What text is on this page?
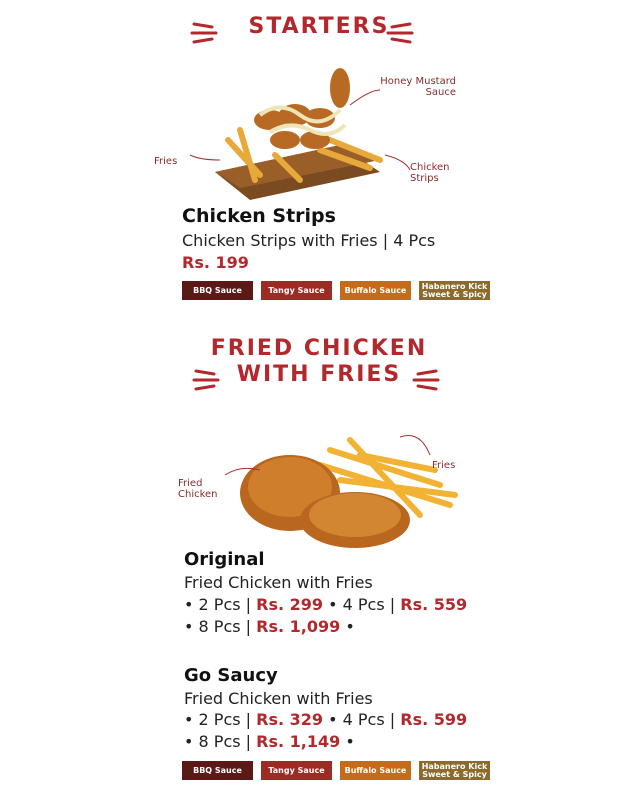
STARTERS
Honey Mustard Sauce
Fries
Chicken Strips
Chicken Strips
Chicken Strips with Fries | 4 Pcs
Rs. 199
BBQ Sauce	Tangy Sauce	Buffalo Sauce	Habanero Kick Sweet & Spicy
FRIED CHICKEN
WITH FRIES
Fried Chicken
Fries
Original
Fried Chicken with Fries
• 2 Pcs | Rs. 299 • 4 Pcs | Rs. 559
• 8 Pcs | Rs. 1,099 •
Go Saucy
Fried Chicken with Fries
• 2 Pcs | Rs. 329 • 4 Pcs | Rs. 599
• 8 Pcs | Rs. 1,149 •
BBQ Sauce	Tangy Sauce	Buffalo Sauce	Habanero Kick Sweet & Spicy
